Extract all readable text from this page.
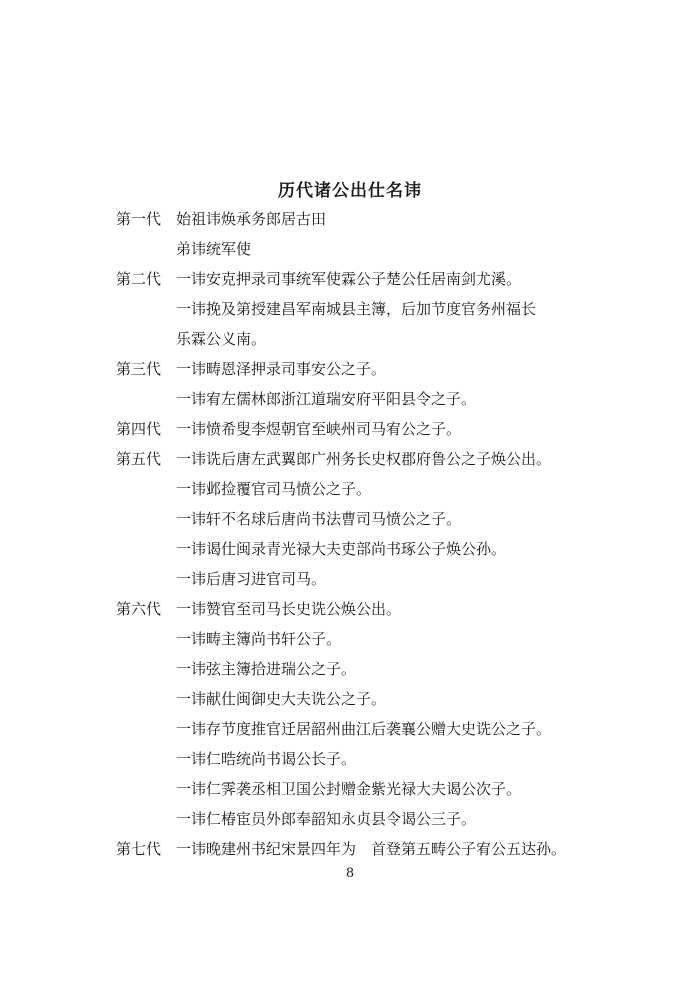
历代诸公出仕名讳
第一代 始祖讳焕承务郎居古田
弟讳统军使
第二代 一讳安克押录司事统军使霖公子楚公任居南剑尤溪。
一讳挽及第授建昌军南城县主簿，后加节度官务州福长
乐霖公义南。
第三代 一讳畴恩泽押录司事安公之子。
一讳宥左儒林郎浙江道瑞安府平阳县令之子。
第四代 一讳愤希叟李煜朝官至峡州司马宥公之子。
第五代 一讳诜后唐左武翼郎广州务长史权郡府鲁公之子焕公出。
一讳邺捡覆官司马愤公之子。
一讳轩不名球后唐尚书法曹司马愤公之子。
一讳谒仕闽录青光禄大夫吏部尚书琢公子焕公孙。
一讳后唐习进官司马。
第六代 一讳赞官至司马长史诜公焕公出。
一讳畴主簿尚书轩公子。
一讳弦主簿拾进瑞公之子。
一讳献仕闽御史大夫诜公之子。
一讳存节度推官迁居韶州曲江后袭襄公赠大史诜公之子。
一讳仁晧统尚书谒公长子。
一讳仁霁袭丞相卫国公封赠金紫光禄大夫谒公次子。
一讳仁椿宦员外郎奉韶知永贞县令谒公三子。
第七代 一讳晚建州书纪宋景四年为　首登第五畴公子宥公五达孙。
8
